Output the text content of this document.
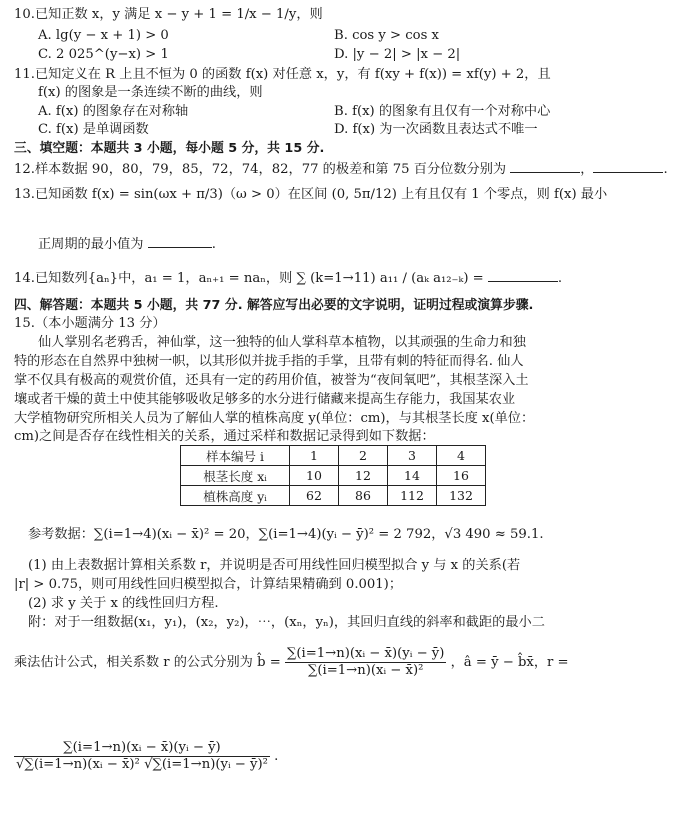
10.已知正数 x，y 满足 x − y + 1 = 1/x − 1/y，则
A. lg(y − x + 1) > 0	B. cos y > cos x
C. 2 025^(y−x) > 1	D. |y − 2| > |x − 2|
11.已知定义在 R 上且不恒为 0 的函数 f(x) 对任意 x，y，有 f(xy + f(x)) = xf(y) + 2，且
f(x) 的图象是一条连续不断的曲线，则
A. f(x) 的图象存在对称轴	B. f(x) 的图象有且仅有一个对称中心
C. f(x) 是单调函数	D. f(x) 为一次函数且表达式不唯一
三、填空题：本题共 3 小题，每小题 5 分，共 15 分.
12.样本数据 90，80，79，85，72，74，82，77 的极差和第 75 百分位数分别为	，	.
13.已知函数 f(x) = sin(ωx + π/3)（ω > 0）在区间 (0, 5π/12) 上有且仅有 1 个零点，则 f(x) 最小
正周期的最小值为	.
14.已知数列{aₙ}中，a₁ = 1，aₙ₊₁ = naₙ，则 ∑ (k=1→11) a₁₁ / (aₖ a₁₂₋ₖ) =	.
四、解答题：本题共 5 小题，共 77 分. 解答应写出必要的文字说明，证明过程或演算步骤.
15.（本小题满分 13 分）
仙人掌别名老鸦舌，神仙掌，这一独特的仙人掌科草本植物，以其顽强的生命力和独
特的形态在自然界中独树一帜，以其形似并拢手指的手掌，且带有刺的特征而得名. 仙人
掌不仅具有极高的观赏价值，还具有一定的药用价值，被誉为“夜间氧吧”，其根茎深入土
壤或者干燥的黄土中使其能够吸收足够多的水分进行储藏来提高生存能力，我国某农业
大学植物研究所相关人员为了解仙人掌的植株高度 y(单位：cm)，与其根茎长度 x(单位：
cm)之间是否存在线性相关的关系，通过采样和数据记录得到如下数据：
样本编号 i	1	2	3	4
根茎长度 xᵢ	10	12	14	16
植株高度 yᵢ	62	86	112	132
参考数据：∑(i=1→4)(xᵢ − x̄)² = 20，∑(i=1→4)(yᵢ − ȳ)² = 2 792，√3 490 ≈ 59.1.
(1) 由上表数据计算相关系数 r，并说明是否可用线性回归模型拟合 y 与 x 的关系(若
|r| > 0.75，则可用线性回归模型拟合，计算结果精确到 0.001)；
(2) 求 y 关于 x 的线性回归方程.
附：对于一组数据(x₁，y₁)，(x₂，y₂)，⋯，(xₙ，yₙ)，其回归直线的斜率和截距的最小二
乘法估计公式，相关系数 r 的公式分别为 b̂ = $\frac{\text{∑(i=1→n)(xᵢ − x̄)(yᵢ − ȳ)}}{\text{∑(i=1→n)(xᵢ − x̄)²}}$ ，â = ȳ − b̂x̄，r =
$\frac{\text{∑(i=1→n)(xᵢ − x̄)(yᵢ − ȳ)}}{\text{√∑(i=1→n)(xᵢ − x̄)² √∑(i=1→n)(yᵢ − ȳ)²}}$ .
